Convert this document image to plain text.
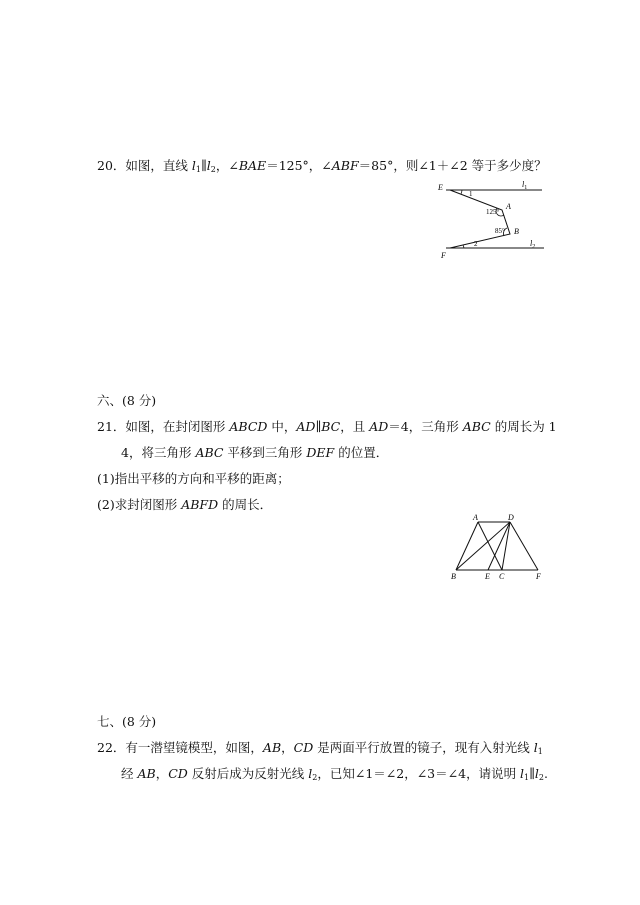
20．如图，直线 $l_1\parallel l_2$，∠BAE＝125°，∠ABF＝85°，则∠1＋∠2 等于多少度？
E	$l_1$
1
125°
A
85° B
2
F
$l_2$
六、(8 分)
21．如图，在封闭图形 ABCD 中，AD∥BC，且 AD＝4，三角形 ABC 的周长为 1
4，将三角形 ABC 平移到三角形 DEF 的位置．
(1)指出平移的方向和平移的距离；
(2)求封闭图形 ABFD 的周长．
A	D
B	E C	F
七、(8 分)
22．有一潜望镜模型，如图，AB，CD 是两面平行放置的镜子，现有入射光线 $l_1$
经 AB，CD 反射后成为反射光线 $l_2$，已知∠1＝∠2，∠3＝∠4，请说明 $l_1\parallel l_2$.
